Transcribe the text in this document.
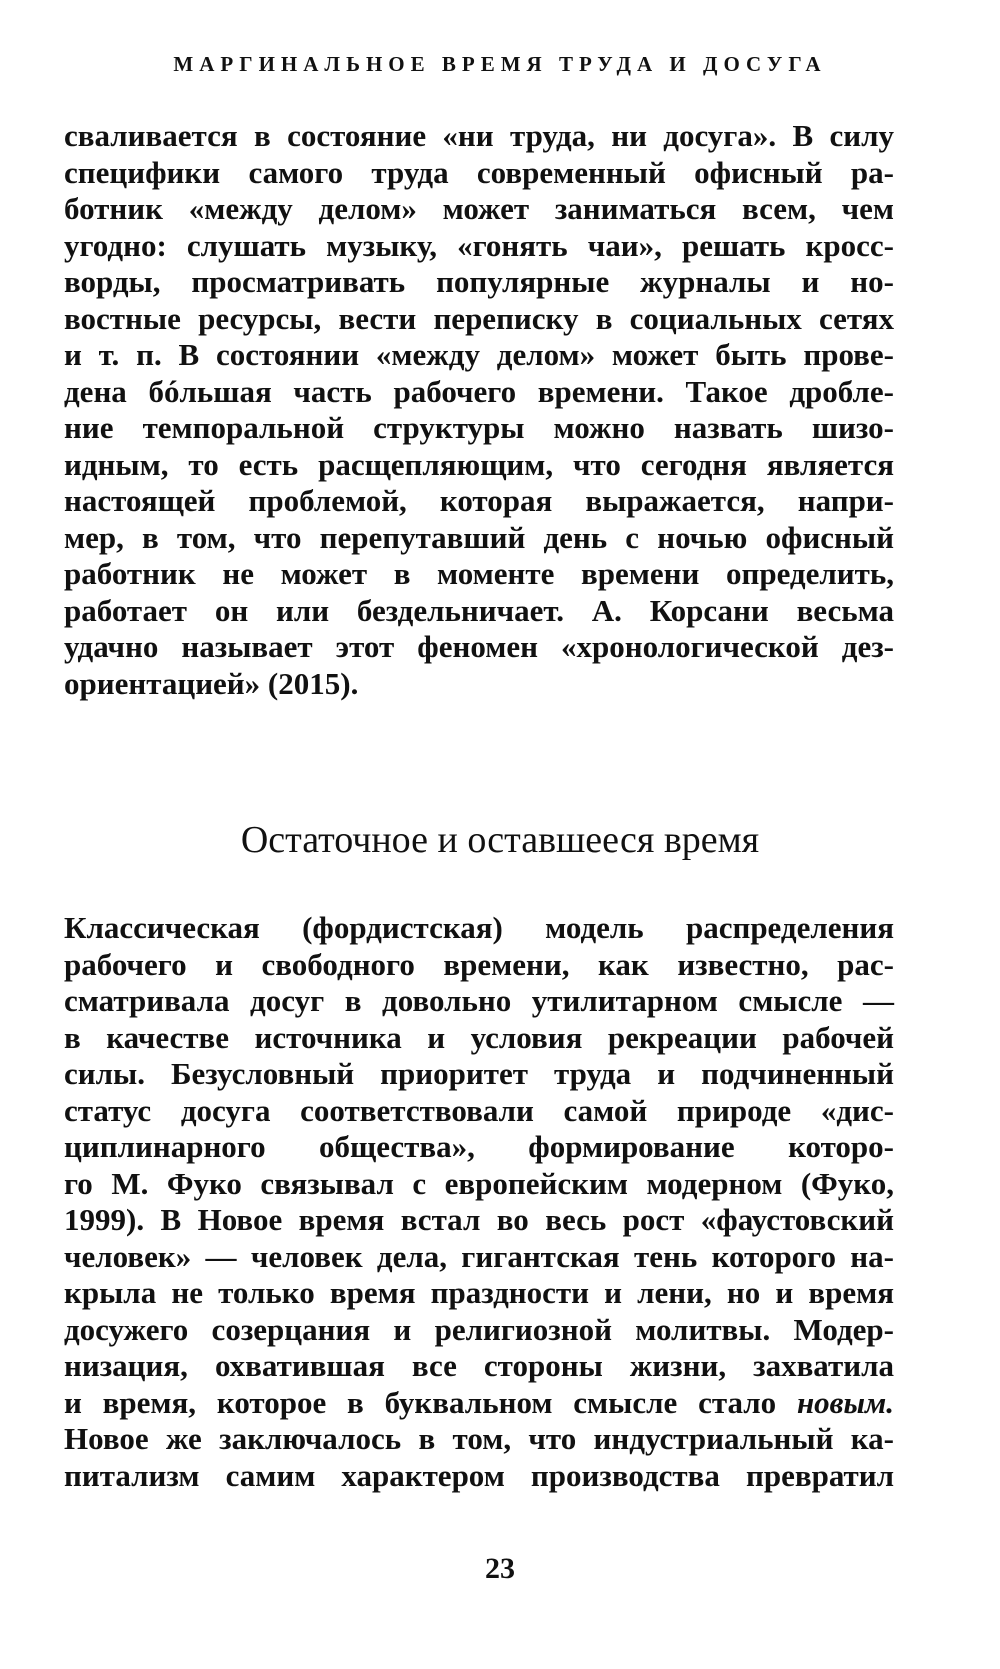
МАРГИНАЛЬНОЕ ВРЕМЯ ТРУДА И ДОСУГА

сваливается в состояние «ни труда, ни досуга». В силу
специфики самого труда современный офисный ра-
ботник «между делом» может заниматься всем, чем
угодно: слушать музыку, «гонять чаи», решать кросс-
ворды, просматривать популярные журналы и но-
востные ресурсы, вести переписку в социальных сетях
и т. п. В состоянии «между делом» может быть прове-
дена бóльшая часть рабочего времени. Такое дробле-
ние темпоральной структуры можно назвать шизо-
идным, то есть расщепляющим, что сегодня является
настоящей проблемой, которая выражается, напри-
мер, в том, что перепутавший день с ночью офисный
работник не может в моменте времени определить,
работает он или бездельничает. А. Корсани весьма
удачно называет этот феномен «хронологической дез-
ориентацией» (2015).

Остаточное и оставшееся время

Классическая (фордистская) модель распределения
рабочего и свободного времени, как известно, рас-
сматривала досуг в довольно утилитарном смысле —
в качестве источника и условия рекреации рабочей
силы. Безусловный приоритет труда и подчиненный
статус досуга соответствовали самой природе «дис-
циплинарного общества», формирование которо-
го М. Фуко связывал с европейским модерном (Фуко,
1999). В Новое время встал во весь рост «фаустовский
человек» — человек дела, гигантская тень которого на-
крыла не только время праздности и лени, но и время
досужего созерцания и религиозной молитвы. Модер-
низация, охватившая все стороны жизни, захватила
и время, которое в буквальном смысле стало новым.
Новое же заключалось в том, что индустриальный ка-
питализм самим характером производства превратил

23
